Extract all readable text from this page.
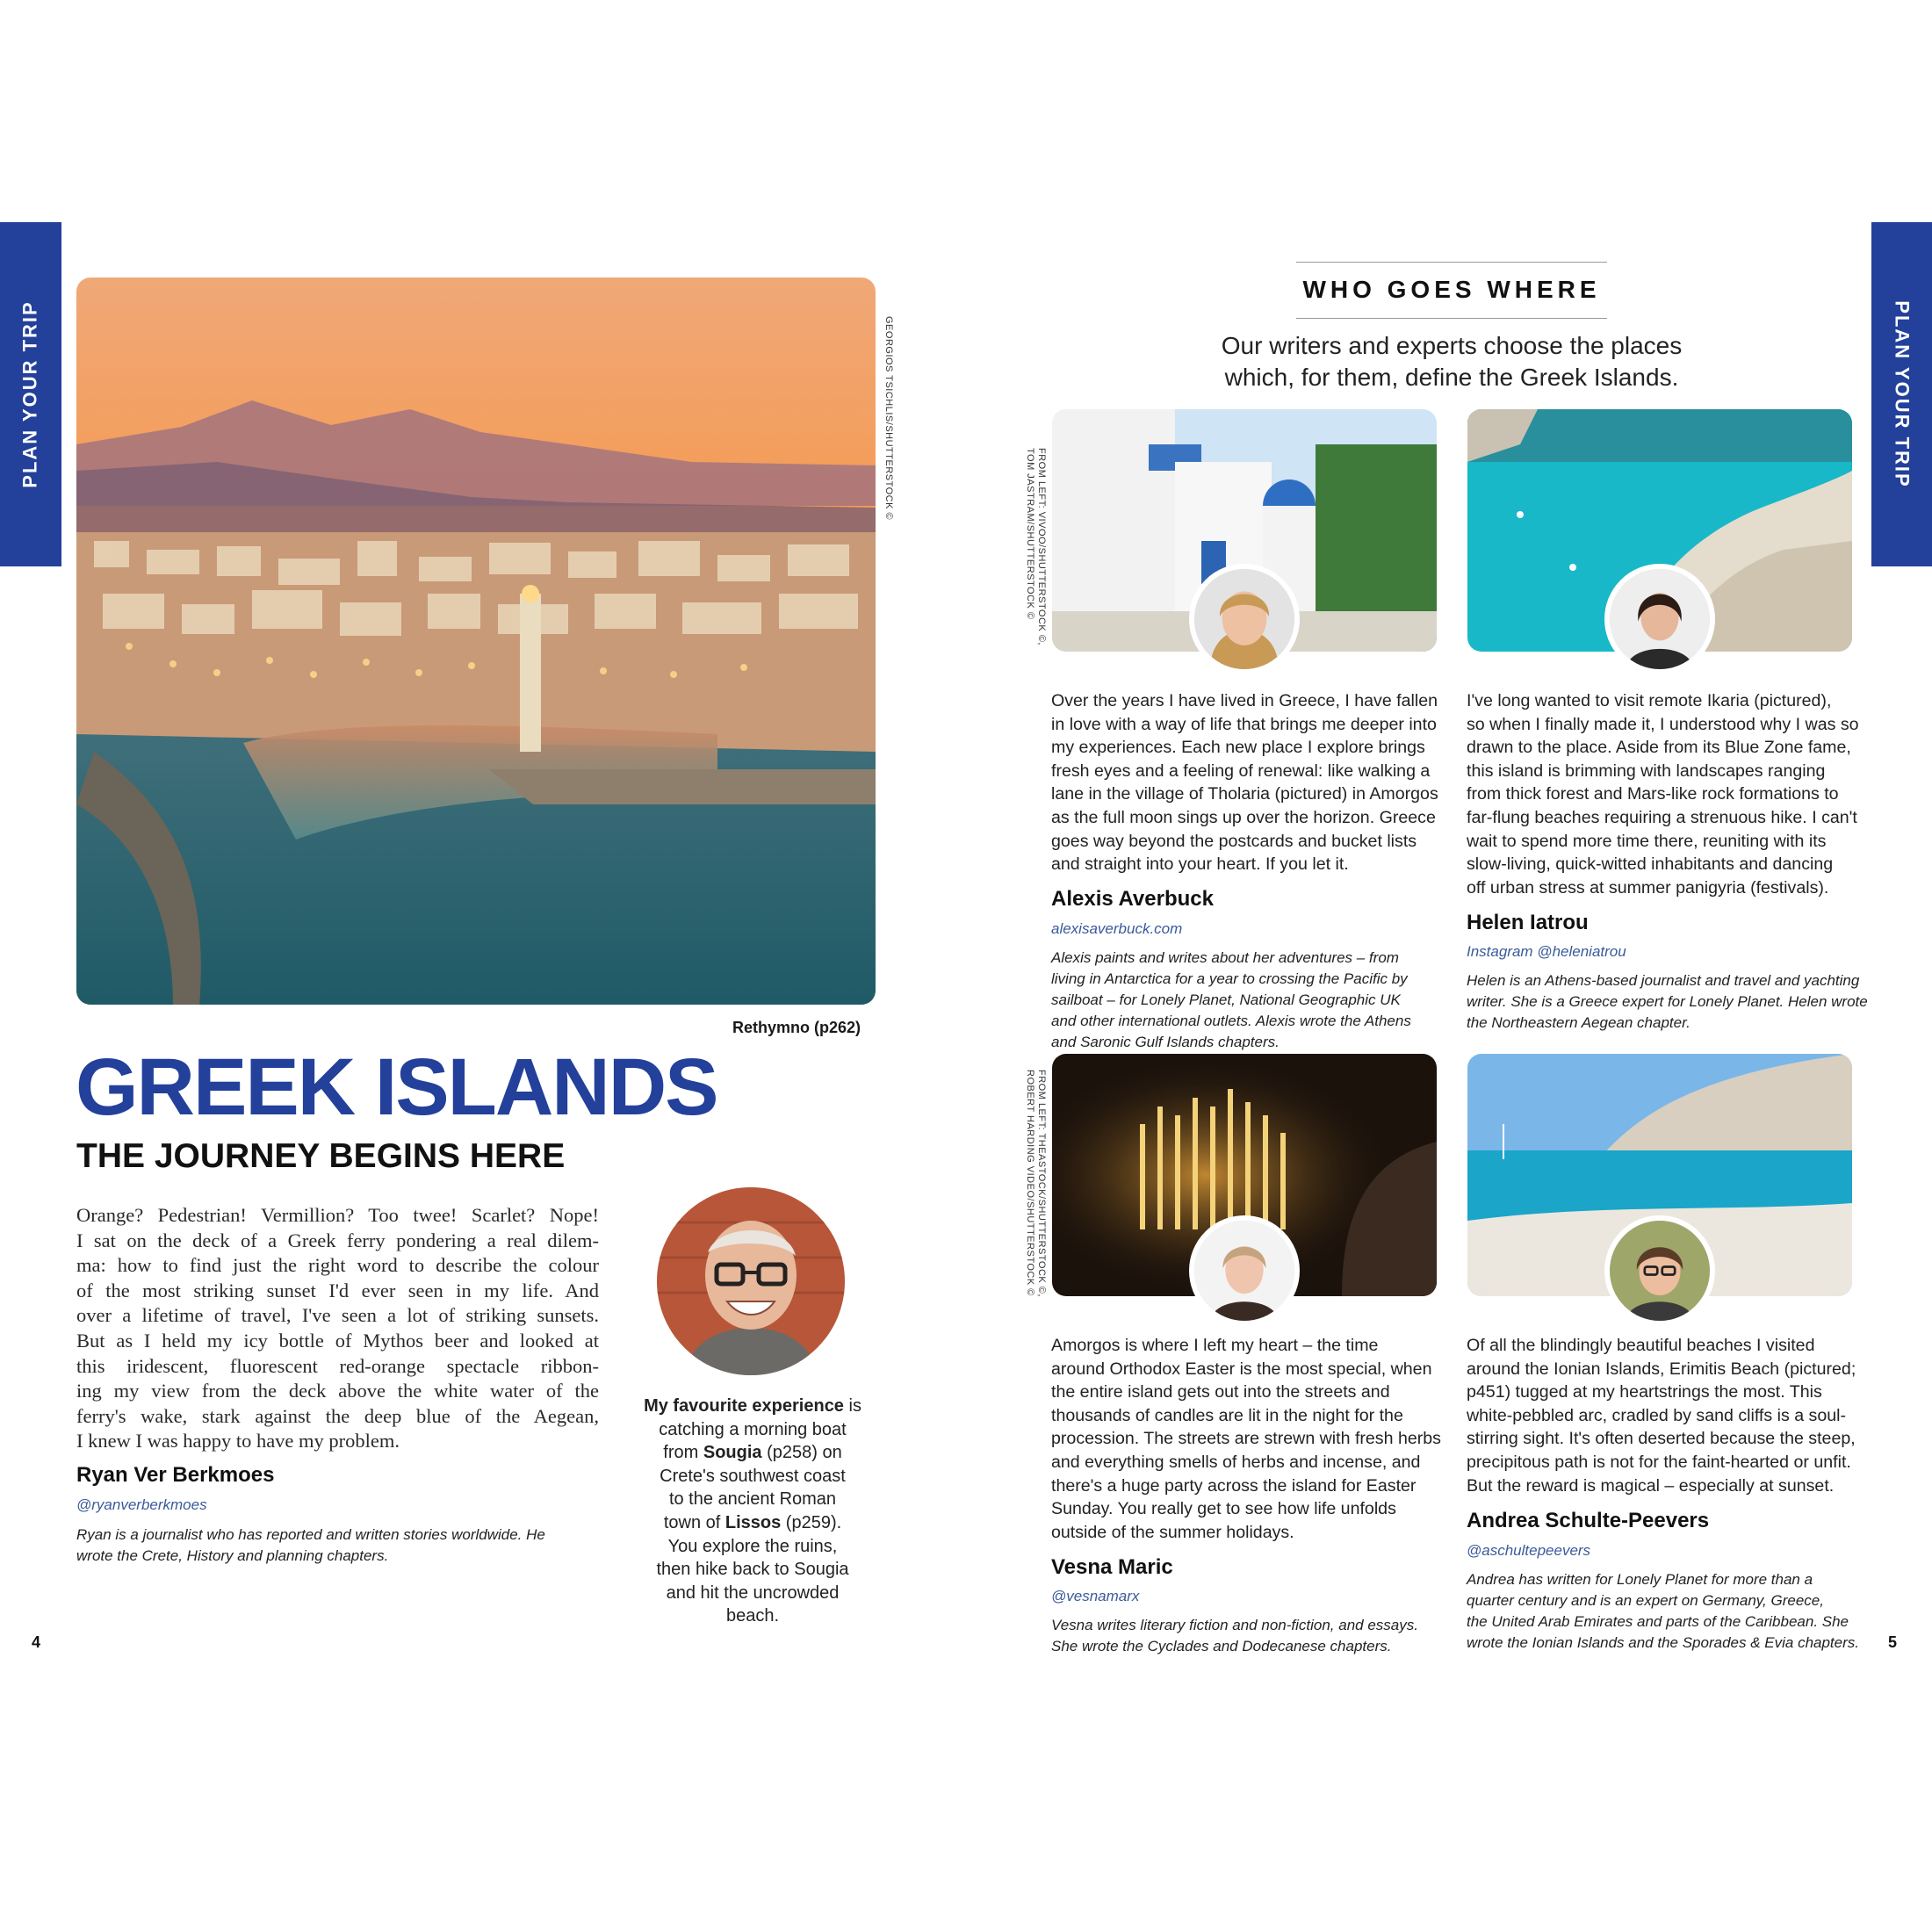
PLAN YOUR TRIP	PLAN YOUR TRIP
GEORGIOS TSICHLIS/SHUTTERSTOCK ©
Rethymno (p262)
GREEK ISLANDS
THE JOURNEY BEGINS HERE
Orange? Pedestrian! Vermillion? Too twee! Scarlet? Nope!
I sat on the deck of a Greek ferry pondering a real dilem-
ma: how to find just the right word to describe the colour
of the most striking sunset I'd ever seen in my life. And
over a lifetime of travel, I've seen a lot of striking sunsets.
But as I held my icy bottle of Mythos beer and looked at
this iridescent, fluorescent red-orange spectacle ribbon-
ing my view from the deck above the white water of the
ferry's wake, stark against the deep blue of the Aegean,
I knew I was happy to have my problem.
Ryan Ver Berkmoes
@ryanverberkmoes
Ryan is a journalist who has reported and written stories worldwide. He
wrote the Crete, History and planning chapters.
My favourite experience is
catching a morning boat
from Sougia (p258) on
Crete's southwest coast
to the ancient Roman
town of Lissos (p259).
You explore the ruins,
then hike back to Sougia
and hit the uncrowded
beach.
4
WHO GOES WHERE
Our writers and experts choose the places
which, for them, define the Greek Islands.
FROM LEFT: VIVOO/SHUTTERSTOCK ©,
TOM JASTRAM/SHUTTERSTOCK ©
FROM LEFT: THEASTOCK/SHUTTERSTOCK ©,
ROBERT HARDING VIDEO/SHUTTERSTOCK ©
Over the years I have lived in Greece, I have fallen
in love with a way of life that brings me deeper into
my experiences. Each new place I explore brings
fresh eyes and a feeling of renewal: like walking a
lane in the village of Tholaria (pictured) in Amorgos
as the full moon sings up over the horizon. Greece
goes way beyond the postcards and bucket lists
and straight into your heart. If you let it.
Alexis Averbuck
alexisaverbuck.com
Alexis paints and writes about her adventures – from
living in Antarctica for a year to crossing the Pacific by
sailboat – for Lonely Planet, National Geographic UK
and other international outlets. Alexis wrote the Athens
and Saronic Gulf Islands chapters.
I've long wanted to visit remote Ikaria (pictured),
so when I finally made it, I understood why I was so
drawn to the place. Aside from its Blue Zone fame,
this island is brimming with landscapes ranging
from thick forest and Mars-like rock formations to
far-flung beaches requiring a strenuous hike. I can't
wait to spend more time there, reuniting with its
slow-living, quick-witted inhabitants and dancing
off urban stress at summer panigyria (festivals).
Helen Iatrou
Instagram @heleniatrou
Helen is an Athens-based journalist and travel and yachting
writer. She is a Greece expert for Lonely Planet. Helen wrote
the Northeastern Aegean chapter.
Amorgos is where I left my heart – the time
around Orthodox Easter is the most special, when
the entire island gets out into the streets and
thousands of candles are lit in the night for the
procession. The streets are strewn with fresh herbs
and everything smells of herbs and incense, and
there's a huge party across the island for Easter
Sunday. You really get to see how life unfolds
outside of the summer holidays.
Vesna Maric
@vesnamarx
Vesna writes literary fiction and non-fiction, and essays.
She wrote the Cyclades and Dodecanese chapters.
Of all the blindingly beautiful beaches I visited
around the Ionian Islands, Erimitis Beach (pictured;
p451) tugged at my heartstrings the most. This
white-pebbled arc, cradled by sand cliffs is a soul-
stirring sight. It's often deserted because the steep,
precipitous path is not for the faint-hearted or unfit.
But the reward is magical – especially at sunset.
Andrea Schulte-Peevers
@aschultepeevers
Andrea has written for Lonely Planet for more than a
quarter century and is an expert on Germany, Greece,
the United Arab Emirates and parts of the Caribbean. She
wrote the Ionian Islands and the Sporades & Evia chapters.	5
